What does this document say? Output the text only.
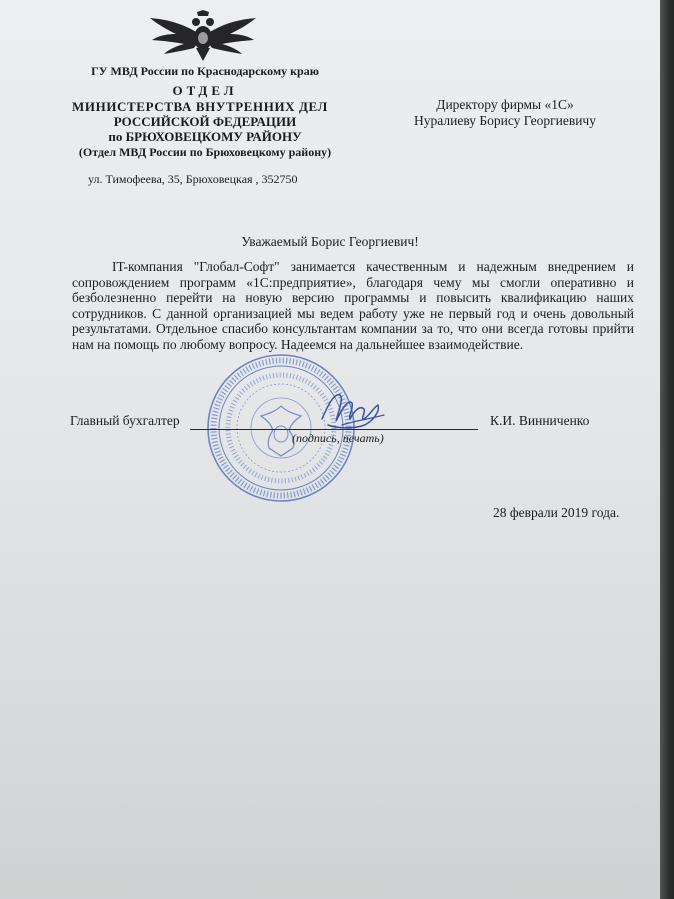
ГУ МВД России по Краснодарскому краю
ОТДЕЛ
МИНИСТЕРСТВА ВНУТРЕННИХ ДЕЛ
РОССИЙСКОЙ ФЕДЕРАЦИИ
по БРЮХОВЕЦКОМУ РАЙОНУ
(Отдел МВД России по Брюховецкому району)
ул. Тимофеева, 35, Брюховецкая , 352750
Директору фирмы «1С»
Нуралиеву Борису Георгиевичу
Уважаемый Борис Георгиевич!

IT-компания "Глобал-Софт" занимается качественным и надежным внедрением и сопровождением программ «1С:предприятие», благодаря чему мы смогли оперативно и безболезненно перейти на новую версию программы и повысить квалификацию наших сотрудников. С данной организацией мы ведем работу уже не первый год и очень довольный результатами. Отдельное спасибо консультантам компании за то, что они всегда готовы прийти нам на помощь по любому вопросу. Надеемся на дальнейшее взаимодействие.

Главный бухгалтер
(подпись, печать)
К.И. Винниченко
28 феврали 2019 года.
